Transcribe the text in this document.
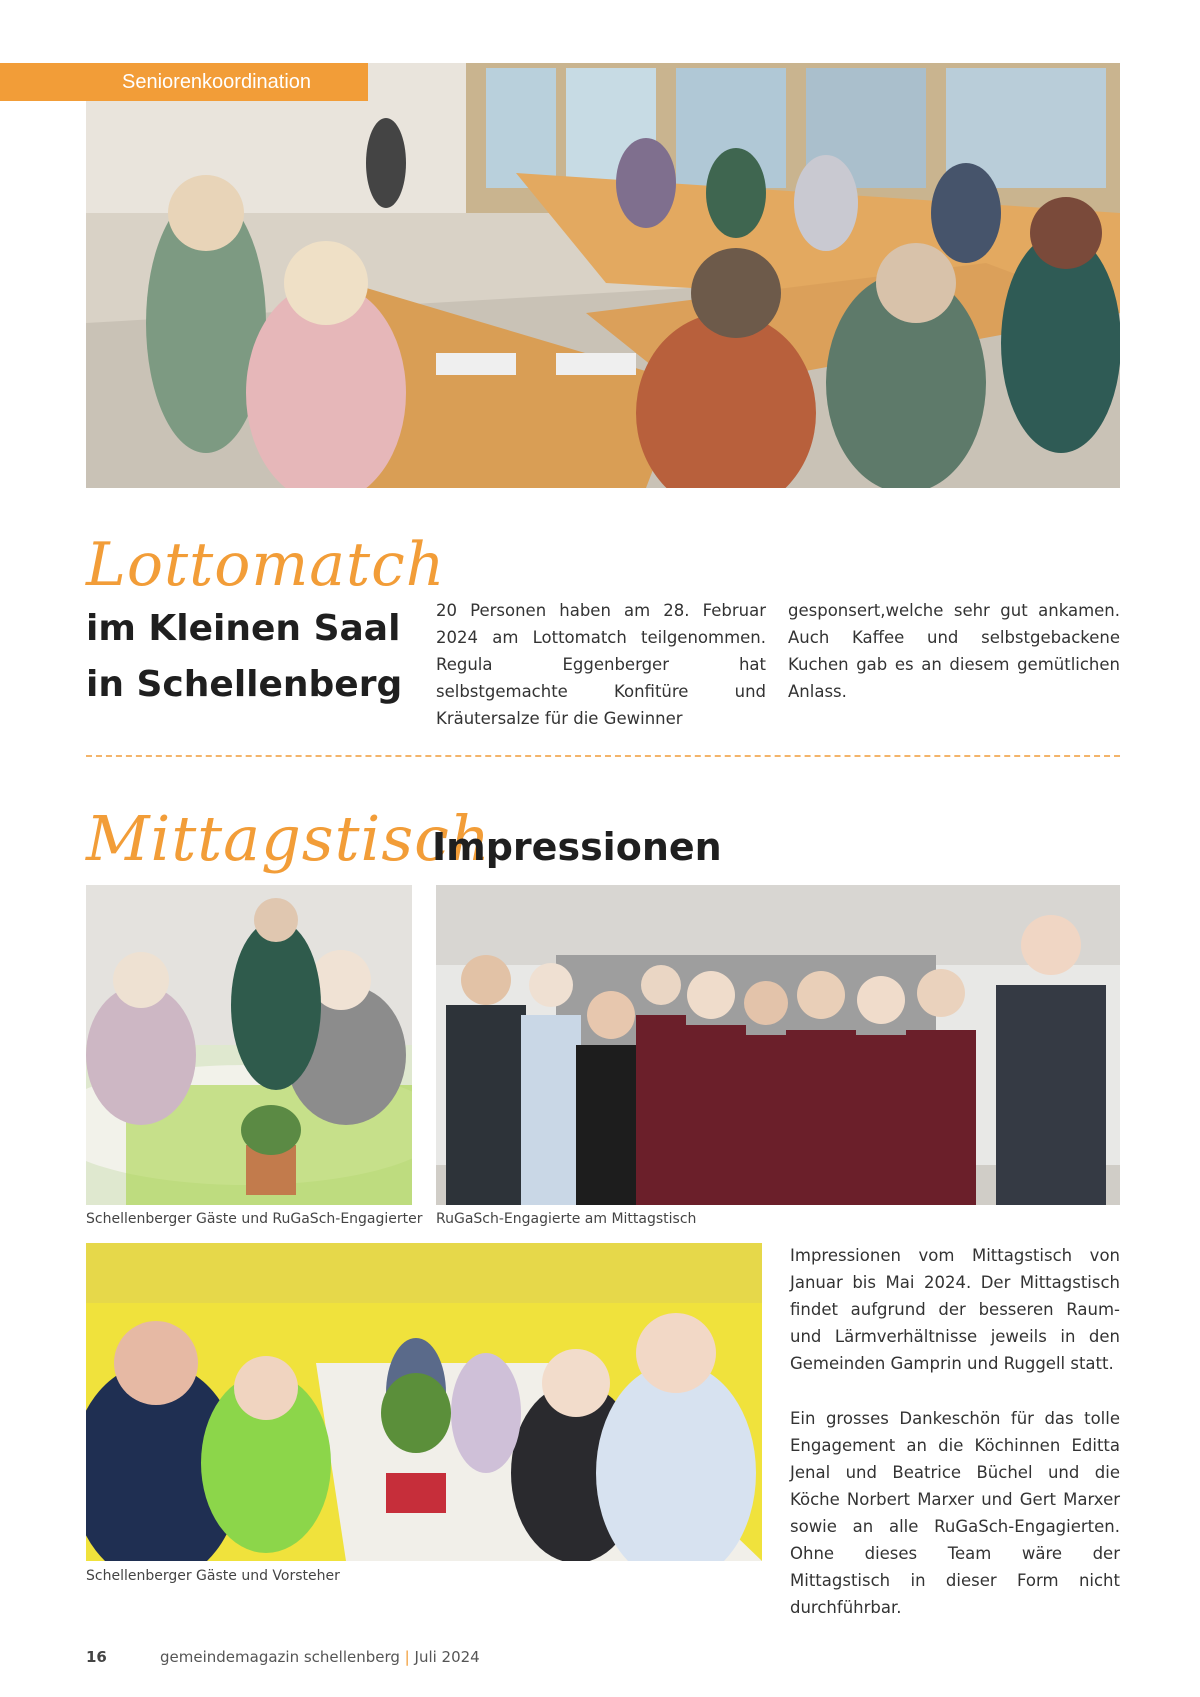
Seniorenkoordination
Lottomatch
im Kleinen Saal
in Schellenberg
20 Personen haben am 28. Februar 2024 am Lottomatch teilgenommen. Regula Eggenberger hat selbstgemachte Konfitüre und Kräutersalze für die Gewinner
gesponsert,welche sehr gut ankamen. Auch Kaffee und selbstgebackene Kuchen gab es an diesem gemütlichen Anlass.
Mittagstisch
Impressionen
Schellenberger Gäste und RuGaSch-Engagierter RuGaSch-Engagierte am Mittagstisch
Schellenberger Gäste und Vorsteher
Impressionen vom Mittagstisch von Januar bis Mai 2024. Der Mittagstisch findet aufgrund der besseren Raum- und Lärmverhältnisse jeweils in den Gemeinden Gamprin und Ruggell statt.
Ein grosses Dankeschön für das tolle Engagement an die Köchinnen Editta Jenal und Beatrice Büchel und die Köche Norbert Marxer und Gert Marxer sowie an alle RuGaSch-Engagierten. Ohne dieses Team wäre der Mittagstisch in dieser Form nicht durchführbar.
16	gemeindemagazin schellenberg | Juli 2024
